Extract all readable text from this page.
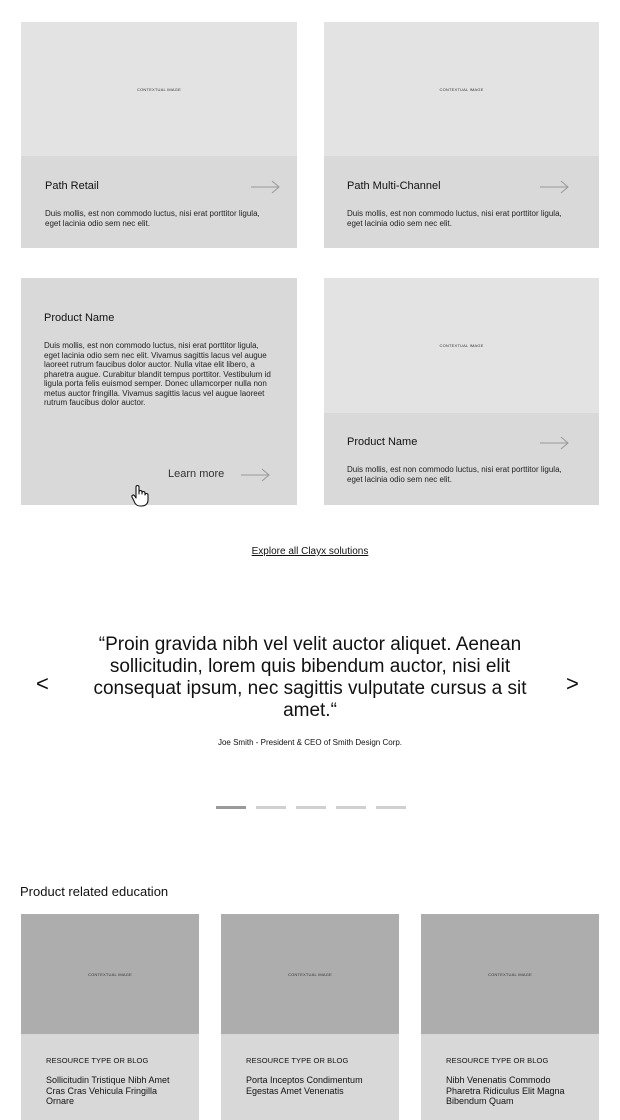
CONTEXTUAL IMAGE
Path Retail
Duis mollis, est non commodo luctus, nisi erat porttitor ligula, eget lacinia odio sem nec elit.
CONTEXTUAL IMAGE
Path Multi-Channel
Duis mollis, est non commodo luctus, nisi erat porttitor ligula, eget lacinia odio sem nec elit.
Product Name
Duis mollis, est non commodo luctus, nisi erat porttitor ligula, eget lacinia odio sem nec elit. Vivamus sagittis lacus vel augue laoreet rutrum faucibus dolor auctor. Nulla vitae elit libero, a pharetra augue. Curabitur blandit tempus porttitor. Vestibulum id ligula porta felis euismod semper. Donec ullamcorper nulla non metus auctor fringilla. Vivamus sagittis lacus vel augue laoreet rutrum faucibus dolor auctor.
Learn more
CONTEXTUAL IMAGE
Product Name
Duis mollis, est non commodo luctus, nisi erat porttitor ligula, eget lacinia odio sem nec elit.
Explore all Clayx solutions
<
“Proin gravida nibh vel velit auctor aliquet. Aenean sollicitudin, lorem quis bibendum auctor, nisi elit consequat ipsum, nec sagittis vulputate cursus a sit amet.“
>
Joe Smith - President & CEO of Smith Design Corp.
Product related education
CONTEXTUAL IMAGE
RESOURCE TYPE OR BLOG
Sollicitudin Tristique Nibh Amet Cras Cras Vehicula Fringilla Ornare
CONTEXTUAL IMAGE
RESOURCE TYPE OR BLOG
Porta Inceptos Condimentum Egestas Amet Venenatis
CONTEXTUAL IMAGE
RESOURCE TYPE OR BLOG
Nibh Venenatis Commodo Pharetra Ridiculus Elit Magna Bibendum Quam
